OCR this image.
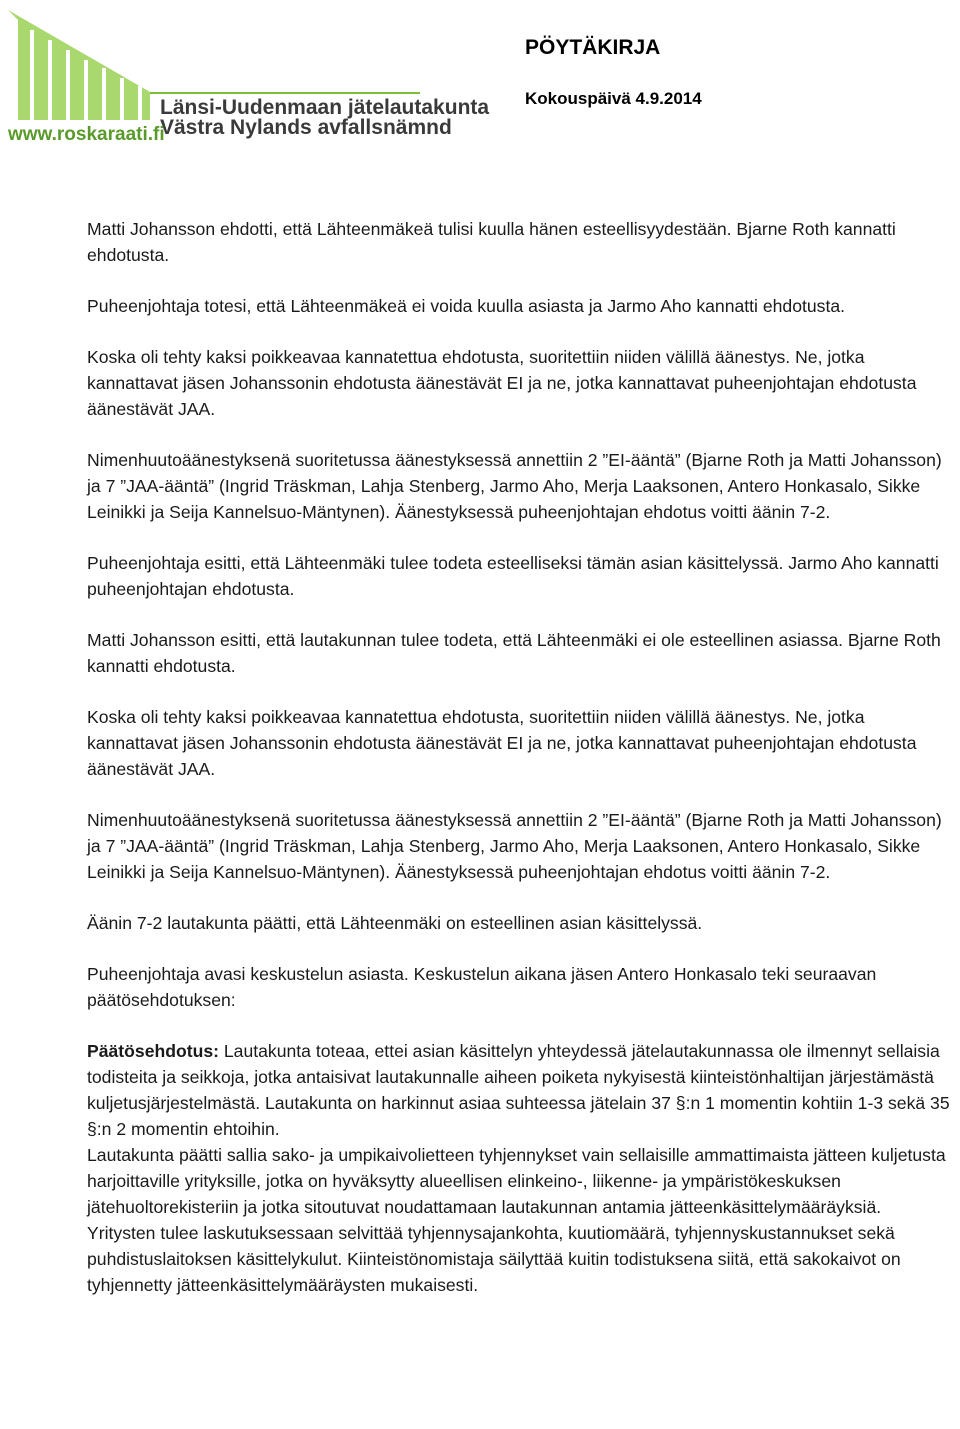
Länsi-Uudenmaan jätelautakunta
Västra Nylands avfallsnämnd
www.roskaraati.fi
PÖYTÄKIRJA
Kokouspäivä 4.9.2014

Matti Johansson ehdotti, että Lähteenmäkeä tulisi kuulla hänen esteellisyydestään. Bjarne Roth kannatti ehdotusta.

Puheenjohtaja totesi, että Lähteenmäkeä ei voida kuulla asiasta ja Jarmo Aho kannatti ehdotusta.

Koska oli tehty kaksi poikkeavaa kannatettua ehdotusta, suoritettiin niiden välillä äänestys. Ne, jotka kannattavat jäsen Johanssonin ehdotusta äänestävät EI ja ne, jotka kannattavat puheenjohtajan ehdotusta äänestävät JAA.

Nimenhuutoäänestyksenä suoritetussa äänestyksessä annettiin 2 ”EI-ääntä” (Bjarne Roth ja Matti Johansson) ja 7 ”JAA-ääntä” (Ingrid Träskman, Lahja Stenberg, Jarmo Aho, Merja Laaksonen, Antero Honkasalo, Sikke Leinikki ja Seija Kannelsuo-Mäntynen). Äänestyksessä puheenjohtajan ehdotus voitti äänin 7-2.

Puheenjohtaja esitti, että Lähteenmäki tulee todeta esteelliseksi tämän asian käsittelyssä. Jarmo Aho kannatti puheenjohtajan ehdotusta.

Matti Johansson esitti, että lautakunnan tulee todeta, että Lähteenmäki ei ole esteellinen asiassa. Bjarne Roth kannatti ehdotusta.

Koska oli tehty kaksi poikkeavaa kannatettua ehdotusta, suoritettiin niiden välillä äänestys. Ne, jotka kannattavat jäsen Johanssonin ehdotusta äänestävät EI ja ne, jotka kannattavat puheenjohtajan ehdotusta äänestävät JAA.

Nimenhuutoäänestyksenä suoritetussa äänestyksessä annettiin 2 ”EI-ääntä” (Bjarne Roth ja Matti Johansson) ja 7 ”JAA-ääntä” (Ingrid Träskman, Lahja Stenberg, Jarmo Aho, Merja Laaksonen, Antero Honkasalo, Sikke Leinikki ja Seija Kannelsuo-Mäntynen). Äänestyksessä puheenjohtajan ehdotus voitti äänin 7-2.

Äänin 7-2 lautakunta päätti, että Lähteenmäki on esteellinen asian käsittelyssä.

Puheenjohtaja avasi keskustelun asiasta. Keskustelun aikana jäsen Antero Honkasalo teki seuraavan päätösehdotuksen:

Päätösehdotus: Lautakunta toteaa, ettei asian käsittelyn yhteydessä jätelautakunnassa ole ilmennyt sellaisia todisteita ja seikkoja, jotka antaisivat lautakunnalle aiheen poiketa nykyisestä kiinteistönhaltijan järjestämästä kuljetusjärjestelmästä. Lautakunta on harkinnut asiaa suhteessa jätelain 37 §:n 1 momentin kohtiin 1-3 sekä 35 §:n 2 momentin ehtoihin.

Lautakunta päätti sallia sako- ja umpikaivolietteen tyhjennykset vain sellaisille ammattimaista jätteen kuljetusta harjoittaville yrityksille, jotka on hyväksytty alueellisen elinkeino-, liikenne- ja ympäristökeskuksen jätehuoltorekisteriin ja jotka sitoutuvat noudattamaan lautakunnan antamia jätteenkäsittelymääräyksiä.

Yritysten tulee laskutuksessaan selvittää tyhjennysajankohta, kuutiomäärä, tyhjennyskustannukset sekä puhdistuslaitoksen käsittelykulut. Kiinteistönomistaja säilyttää kuitin todistuksena siitä, että sakokaivot on tyhjennetty jätteenkäsittelymääräysten mukaisesti.
